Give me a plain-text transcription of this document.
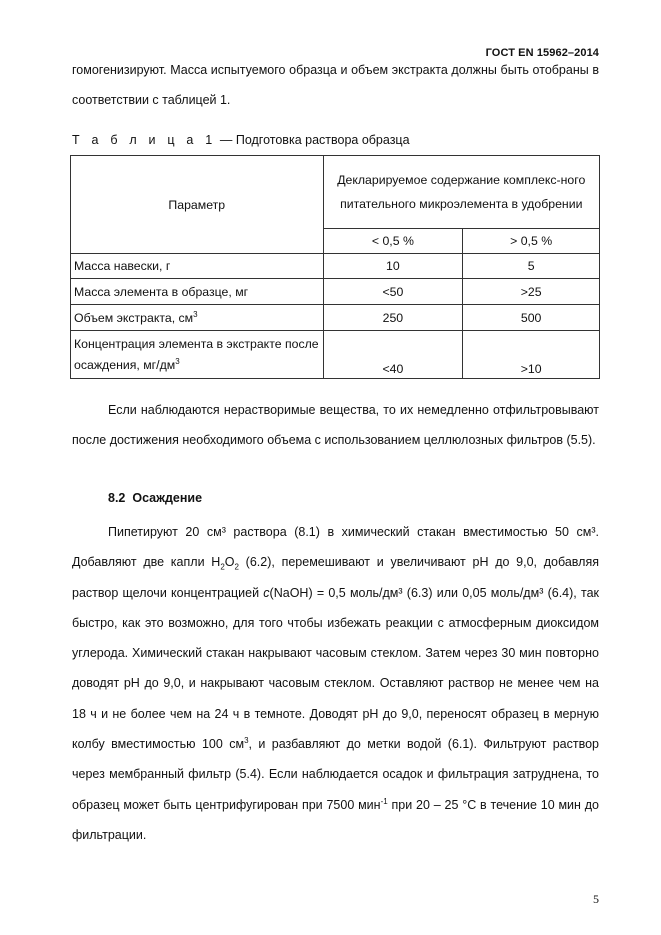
ГОСТ EN 15962–2014
гомогенизируют. Масса испытуемого образца и объем экстракта должны быть отобраны в соответствии с таблицей 1.
Т а б л и ц а 1 — Подготовка раствора образца
Параметр	Декларируемое содержание комплекс-ного питательного микроэлемента в удобрении	
	< 0,5 %	> 0,5 %
Масса навески, г	10	5
Масса элемента в образце, мг	<50	>25
Объем экстракта, $см^3$	250	500
Концентрация элемента в экстракте после осаждения, $мг/дм^3$	<40	>10
Если наблюдаются нерастворимые вещества, то их немедленно отфильтровывают после достижения необходимого объема с использованием целлюлозных фильтров (5.5).
8.2 Осаждение
Пипетируют 20 см³ раствора (8.1) в химический стакан вместимостью 50 см³. Добавляют две капли $H_2O_2$ (6.2), перемешивают и увеличивают pH до 9,0, добавляя раствор щелочи концентрацией c(NaOH) = 0,5 моль/дм³ (6.3) или 0,05 моль/дм³ (6.4), так быстро, как это возможно, для того чтобы избежать реакции с атмосферным диоксидом углерода. Химический стакан накрывают часовым стеклом. Затем через 30 мин повторно доводят pH до 9,0, и накрывают часовым стеклом. Оставляют раствор не менее чем на 18 ч и не более чем на 24 ч в темноте. Доводят pH до 9,0, переносят образец в мерную колбу вместимостью 100 $см^3$, и разбавляют до метки водой (6.1). Фильтруют раствор через мембранный фильтр (5.4). Если наблюдается осадок и фильтрация затруднена, то образец может быть центрифугирован при 7500 мин$^{-1}$ при 20 – 25 °C в течение 10 мин до фильтрации.
5
